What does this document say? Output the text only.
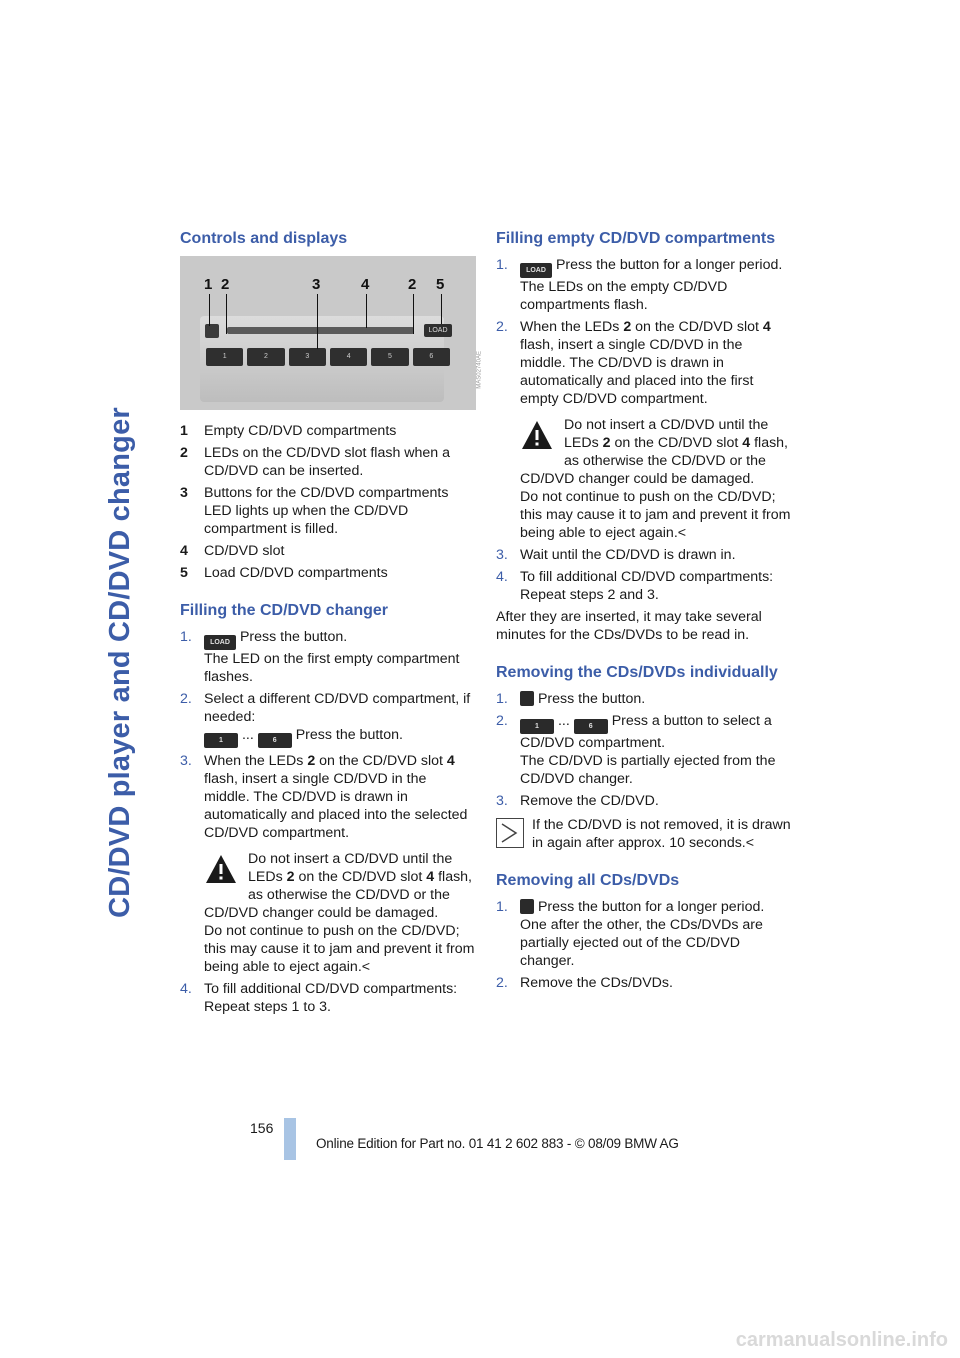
CD/DVD player and CD/DVD changer
Controls and displays
LOAD
1	2	3	4	5	6
1 2	3	4	2 5
MAS02740AE
1	Empty CD/DVD compartments
2	LEDs on the CD/DVD slot flash when a CD/DVD can be inserted.
3	Buttons for the CD/DVD compartments LED lights up when the CD/DVD compartment is filled.
4	CD/DVD slot
5	Load CD/DVD compartments
Filling the CD/DVD changer
1.	LOAD Press the button.
The LED on the first empty compartment flashes.
2. Select a different CD/DVD compartment, if needed:
1 ...	6 Press the button.
3. When the LEDs 2 on the CD/DVD slot 4 flash, insert a single CD/DVD in the middle. The CD/DVD is drawn in automatically and placed into the selected CD/DVD compartment.
Do not insert a CD/DVD until the LEDs 2 on the CD/DVD slot 4 flash, as otherwise the CD/DVD or the CD/DVD changer could be damaged.
Do not continue to push on the CD/DVD; this may cause it to jam and prevent it from being able to eject again.<
4. To fill additional CD/DVD compartments: Repeat steps 1 to 3.
Filling empty CD/DVD compartments
1.	LOAD Press the button for a longer period.
The LEDs on the empty CD/DVD compartments flash.
2. When the LEDs 2 on the CD/DVD slot 4 flash, insert a single CD/DVD in the middle. The CD/DVD is drawn in automatically and placed into the first empty CD/DVD compartment.
Do not insert a CD/DVD until the LEDs 2 on the CD/DVD slot 4 flash, as otherwise the CD/DVD or the CD/DVD changer could be damaged.
Do not continue to push on the CD/DVD; this may cause it to jam and prevent it from being able to eject again.<
3. Wait until the CD/DVD is drawn in.
4. To fill additional CD/DVD compartments: Repeat steps 2 and 3.

After they are inserted, it may take several minutes for the CDs/DVDs to be read in.

Removing the CDs/DVDs individually
1.	Press the button.
2.	1 ...	6 Press a button to select a CD/DVD compartment.
The CD/DVD is partially ejected from the CD/DVD changer.
3. Remove the CD/DVD.
If the CD/DVD is not removed, it is drawn in again after approx. 10 seconds.<
Removing all CDs/DVDs
1.	Press the button for a longer period.
One after the other, the CDs/DVDs are partially ejected out of the CD/DVD changer.
2. Remove the CDs/DVDs.
156
Online Edition for Part no. 01 41 2 602 883 - © 08/09 BMW AG
carmanualsonline.info
